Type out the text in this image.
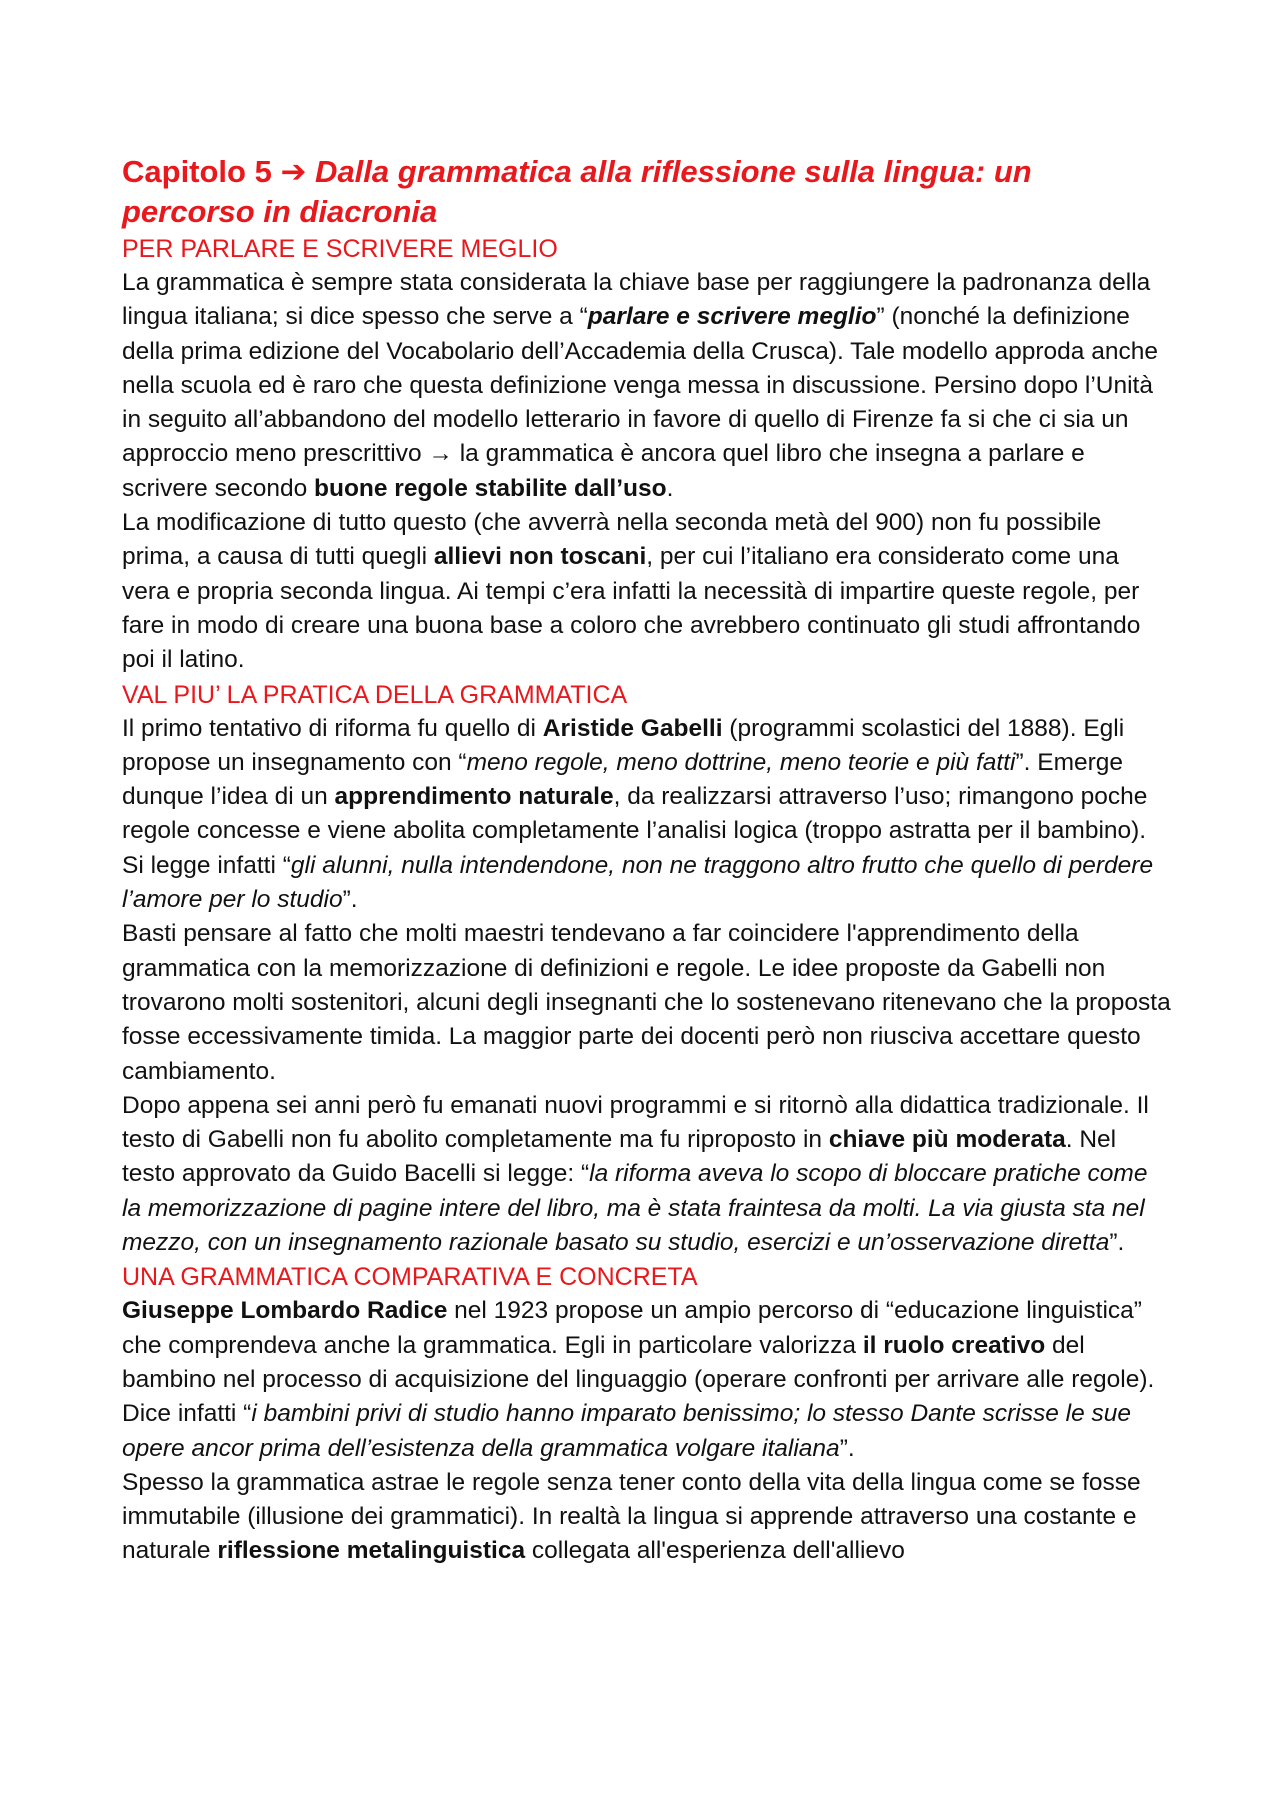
Capitolo 5 ➔ Dalla grammatica alla riflessione sulla lingua: un percorso in diacronia
PER PARLARE E SCRIVERE MEGLIO

La grammatica è sempre stata considerata la chiave base per raggiungere la padronanza della lingua italiana; si dice spesso che serve a “parlare e scrivere meglio” (nonché la definizione della prima edizione del Vocabolario dell’Accademia della Crusca). Tale modello approda anche nella scuola ed è raro che questa definizione venga messa in discussione. Persino dopo l’Unità in seguito all’abbandono del modello letterario in favore di quello di Firenze fa si che ci sia un approccio meno prescrittivo → la grammatica è ancora quel libro che insegna a parlare e scrivere secondo buone regole stabilite dall’uso.

La modificazione di tutto questo (che avverrà nella seconda metà del 900) non fu possibile prima, a causa di tutti quegli allievi non toscani, per cui l’italiano era considerato come una vera e propria seconda lingua. Ai tempi c’era infatti la necessità di impartire queste regole, per fare in modo di creare una buona base a coloro che avrebbero continuato gli studi affrontando poi il latino.

VAL PIU’ LA PRATICA DELLA GRAMMATICA

Il primo tentativo di riforma fu quello di Aristide Gabelli (programmi scolastici del 1888). Egli propose un insegnamento con “meno regole, meno dottrine, meno teorie e più fatti”. Emerge dunque l’idea di un apprendimento naturale, da realizzarsi attraverso l’uso; rimangono poche regole concesse e viene abolita completamente l’analisi logica (troppo astratta per il bambino). Si legge infatti “gli alunni, nulla intendendone, non ne traggono altro frutto che quello di perdere l’amore per lo studio”.

Basti pensare al fatto che molti maestri tendevano a far coincidere l'apprendimento della grammatica con la memorizzazione di definizioni e regole. Le idee proposte da Gabelli non trovarono molti sostenitori, alcuni degli insegnanti che lo sostenevano ritenevano che la proposta fosse eccessivamente timida. La maggior parte dei docenti però non riusciva accettare questo cambiamento.

Dopo appena sei anni però fu emanati nuovi programmi e si ritornò alla didattica tradizionale. Il testo di Gabelli non fu abolito completamente ma fu riproposto in chiave più moderata. Nel testo approvato da Guido Bacelli si legge: “la riforma aveva lo scopo di bloccare pratiche come la memorizzazione di pagine intere del libro, ma è stata fraintesa da molti. La via giusta sta nel mezzo, con un insegnamento razionale basato su studio, esercizi e un’osservazione diretta”.

UNA GRAMMATICA COMPARATIVA E CONCRETA

Giuseppe Lombardo Radice nel 1923 propose un ampio percorso di “educazione linguistica” che comprendeva anche la grammatica. Egli in particolare valorizza il ruolo creativo del bambino nel processo di acquisizione del linguaggio (operare confronti per arrivare alle regole). Dice infatti “i bambini privi di studio hanno imparato benissimo; lo stesso Dante scrisse le sue opere ancor prima dell’esistenza della grammatica volgare italiana”.

Spesso la grammatica astrae le regole senza tener conto della vita della lingua come se fosse immutabile (illusione dei grammatici). In realtà la lingua si apprende attraverso una costante e naturale riflessione metalinguistica collegata all'esperienza dell'allievo
